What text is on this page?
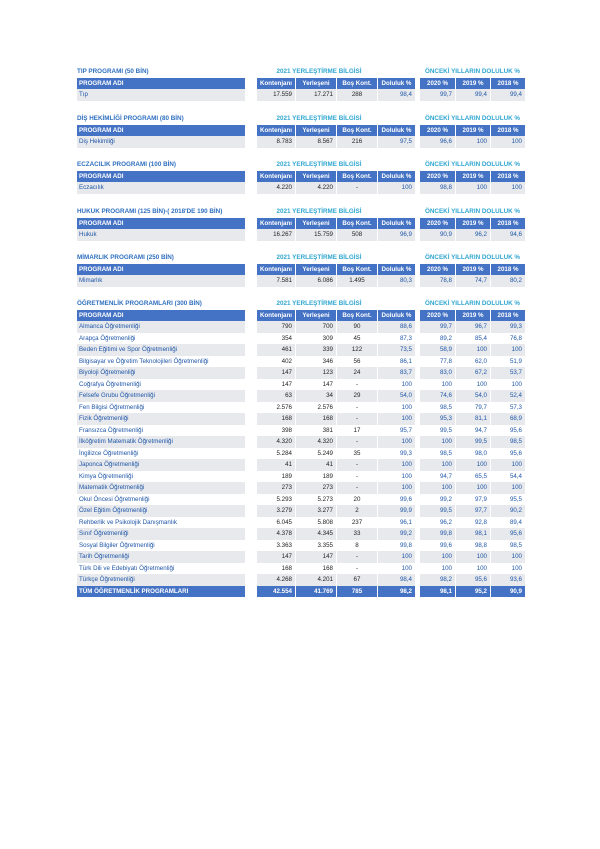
TIP PROGRAMI (50 BİN)	2021 YERLEŞTİRME BİLGİSİ	ÖNCEKİ YILLARIN DOLULUK %
PROGRAM ADI	Kontenjanı	Yerleşeni	Boş Kont.	Doluluk %	2020 %	2019 %	2018 %
Tıp	17.559	17.271	288	98,4	99,7	99,4	99,4
DİŞ HEKİMLİĞİ PROGRAMI (80 BİN)	2021 YERLEŞTİRME BİLGİSİ	ÖNCEKİ YILLARIN DOLULUK %
PROGRAM ADI	Kontenjanı	Yerleşeni	Boş Kont.	Doluluk %	2020 %	2019 %	2018 %
Diş Hekimliği	8.783	8.567	216	97,5	96,6	100	100
ECZACILIK PROGRAMI (100 BİN)	2021 YERLEŞTİRME BİLGİSİ	ÖNCEKİ YILLARIN DOLULUK %
PROGRAM ADI	Kontenjanı	Yerleşeni	Boş Kont.	Doluluk %	2020 %	2019 %	2018 %
Eczacılık	4.220	4.220	-	100	98,8	100	100
HUKUK PROGRAMI (125 BİN)-( 2018'DE 190 BİN)	2021 YERLEŞTİRME BİLGİSİ	ÖNCEKİ YILLARIN DOLULUK %
PROGRAM ADI	Kontenjanı	Yerleşeni	Boş Kont.	Doluluk %	2020 %	2019 %	2018 %
Hukuk	16.267	15.759	508	96,9	90,9	96,2	94,6
MİMARLIK PROGRAMI (250 BİN)	2021 YERLEŞTİRME BİLGİSİ	ÖNCEKİ YILLARIN DOLULUK %
PROGRAM ADI	Kontenjanı	Yerleşeni	Boş Kont.	Doluluk %	2020 %	2019 %	2018 %
Mimarlık	7.581	6.086	1.495	80,3	78,8	74,7	80,2
ÖĞRETMENLİK PROGRAMLARI (300 BİN)	2021 YERLEŞTİRME BİLGİSİ	ÖNCEKİ YILLARIN DOLULUK %
PROGRAM ADI	Kontenjanı	Yerleşeni	Boş Kont.	Doluluk %	2020 %	2019 %	2018 %
Almanca Öğretmenliği	790	700	90	88,6	99,7	96,7	99,3
Arapça Öğretmenliği	354	309	45	87,3	89,2	85,4	76,8
Beden Eğitimi ve Spor Öğretmenliği	461	339	122	73,5	58,9	100	100
Bilgisayar ve Öğretim Teknolojileri Öğretmenliği	402	346	56	86,1	77,8	62,0	51,9
Biyoloji Öğretmenliği	147	123	24	83,7	83,0	67,2	53,7
Coğrafya Öğretmenliği	147	147	-	100	100	100	100
Felsefe Grubu Öğretmenliği	63	34	29	54,0	74,6	54,0	52,4
Fen Bilgisi Öğretmenliği	2.576	2.576	-	100	98,5	79,7	57,3
Fizik Öğretmenliği	168	168	-	100	95,3	81,1	68,9
Fransızca Öğretmenliği	398	381	17	95,7	99,5	94,7	95,6
İlköğretim Matematik Öğretmenliği	4.320	4.320	-	100	100	99,5	98,5
İngilizce Öğretmenliği	5.284	5.249	35	99,3	98,5	98,0	95,6
Japonca Öğretmenliği	41	41	-	100	100	100	100
Kimya Öğretmenliği	189	189	-	100	94,7	65,5	54,4
Matematik Öğretmenliği	273	273	-	100	100	100	100
Okul Öncesi Öğretmenliği	5.293	5.273	20	99,6	99,2	97,9	95,5
Özel Eğitim Öğretmenliği	3.279	3.277	2	99,9	99,5	97,7	90,2
Rehberlik ve Psikolojik Danışmanlık	6.045	5.808	237	96,1	96,2	92,8	89,4
Sınıf Öğretmenliği	4.378	4.345	33	99,2	99,8	98,1	95,6
Sosyal Bilgiler Öğretmenliği	3.363	3.355	8	99,8	99,6	98,8	98,5
Tarih Öğretmenliği	147	147	-	100	100	100	100
Türk Dili ve Edebiyatı Öğretmenliği	168	168	-	100	100	100	100
Türkçe Öğretmenliği	4.268	4.201	67	98,4	98,2	95,6	93,6
TÜM ÖĞRETMENLİK PROGRAMLARI	42.554	41.769	785	98,2	98,1	95,2	90,9
